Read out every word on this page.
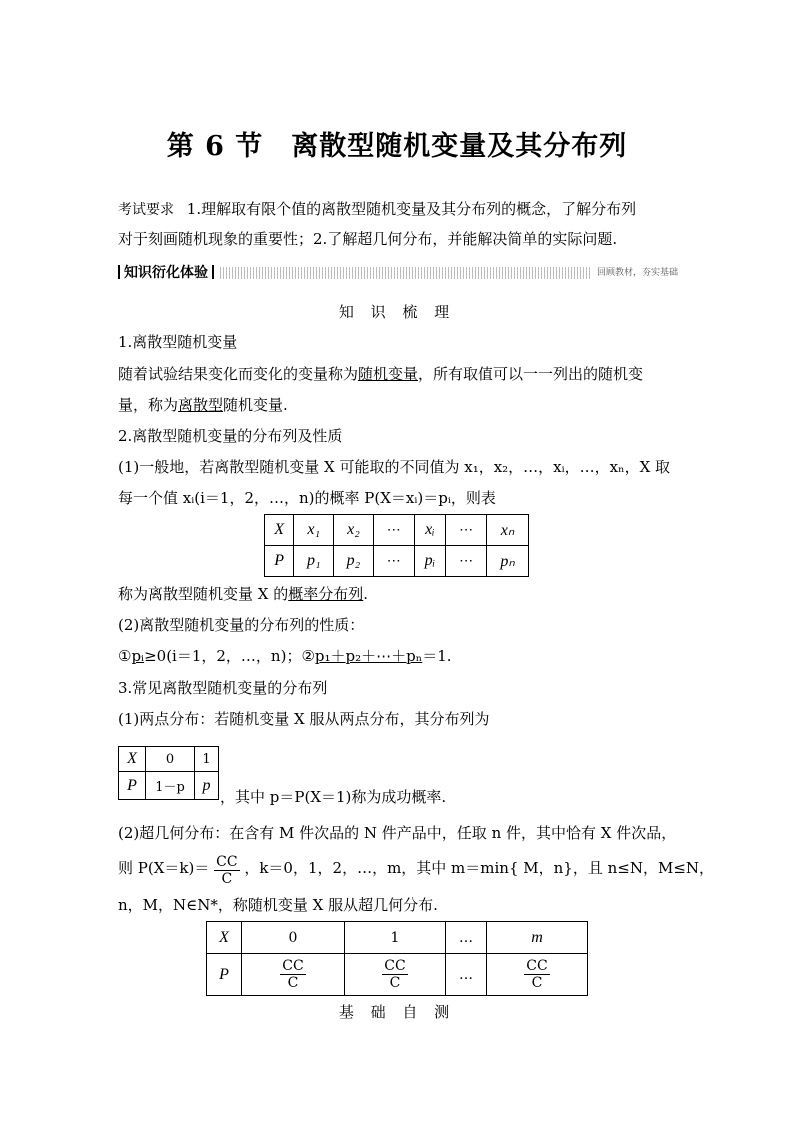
第 6 节　离散型随机变量及其分布列
考试要求 1.理解取有限个值的离散型随机变量及其分布列的概念，了解分布列
对于刻画随机现象的重要性；2.了解超几何分布，并能解决简单的实际问题.
知识衍化体验	回顾教材，夯实基础
知 识 梳 理
1.离散型随机变量
随着试验结果变化而变化的变量称为随机变量，所有取值可以一一列出的随机变
量，称为离散型随机变量.
2.离散型随机变量的分布列及性质
(1)一般地，若离散型随机变量 X 可能取的不同值为 x₁，x₂，…，xᵢ，…，xₙ，X 取
每一个值 xᵢ(i＝1，2，…，n)的概率 P(X＝xᵢ)＝pᵢ，则表
X	x₁	x₂	⋯	xᵢ	⋯	xₙ
P	p₁	p₂	⋯	pᵢ	⋯	pₙ
称为离散型随机变量 X 的概率分布列.
(2)离散型随机变量的分布列的性质：
①pᵢ≥0(i＝1，2，…，n)；②p₁＋p₂＋⋯＋pₙ＝1.
3.常见离散型随机变量的分布列
(1)两点分布：若随机变量 X 服从两点分布，其分布列为
X	0	1
P	1－p	p
，其中 p＝P(X＝1)称为成功概率.
(2)超几何分布：在含有 M 件次品的 N 件产品中，任取 n 件，其中恰有 X 件次品，
则 $P(X=k)= \frac{CC}{C}$ ，k＝0，1，2，…，m，其中 m＝min{ M，n}，且 n≤N，M≤N，
n，M，N∈N*，称随机变量 X 服从超几何分布.
X	0	1	…	m
P	$\frac{CC}{C}$	$\frac{CC}{C}$	…	$\frac{CC}{C}$
基 础 自 测
